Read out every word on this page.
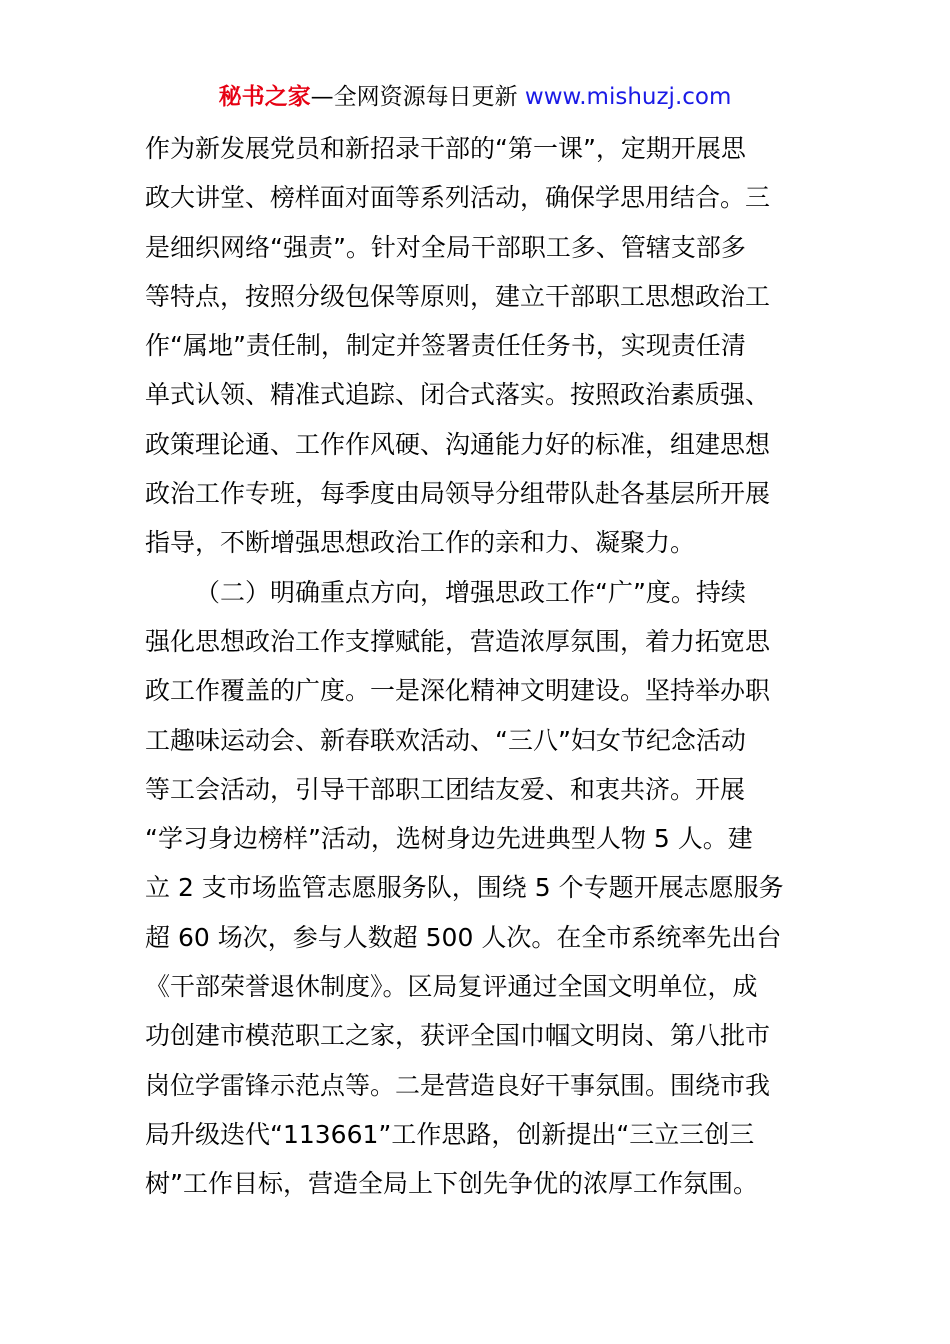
秘书之家—全网资源每日更新 www.mishuzj.com
作为新发展党员和新招录干部的“第一课”，定期开展思
政大讲堂、榜样面对面等系列活动，确保学思用结合。三
是细织网络“强责”。针对全局干部职工多、管辖支部多
等特点，按照分级包保等原则，建立干部职工思想政治工
作“属地”责任制，制定并签署责任任务书，实现责任清
单式认领、精准式追踪、闭合式落实。按照政治素质强、
政策理论通、工作作风硬、沟通能力好的标准，组建思想
政治工作专班，每季度由局领导分组带队赴各基层所开展
指导，不断增强思想政治工作的亲和力、凝聚力。
（二）明确重点方向，增强思政工作“广”度。持续
强化思想政治工作支撑赋能，营造浓厚氛围，着力拓宽思
政工作覆盖的广度。一是深化精神文明建设。坚持举办职
工趣味运动会、新春联欢活动、“三八”妇女节纪念活动
等工会活动，引导干部职工团结友爱、和衷共济。开展
“学习身边榜样”活动，选树身边先进典型人物 5 人。建
立 2 支市场监管志愿服务队，围绕 5 个专题开展志愿服务
超 60 场次，参与人数超 500 人次。在全市系统率先出台
《干部荣誉退休制度》。区局复评通过全国文明单位，成
功创建市模范职工之家，获评全国巾帼文明岗、第八批市
岗位学雷锋示范点等。二是营造良好干事氛围。围绕市我
局升级迭代“113661”工作思路，创新提出“三立三创三
树”工作目标，营造全局上下创先争优的浓厚工作氛围。
